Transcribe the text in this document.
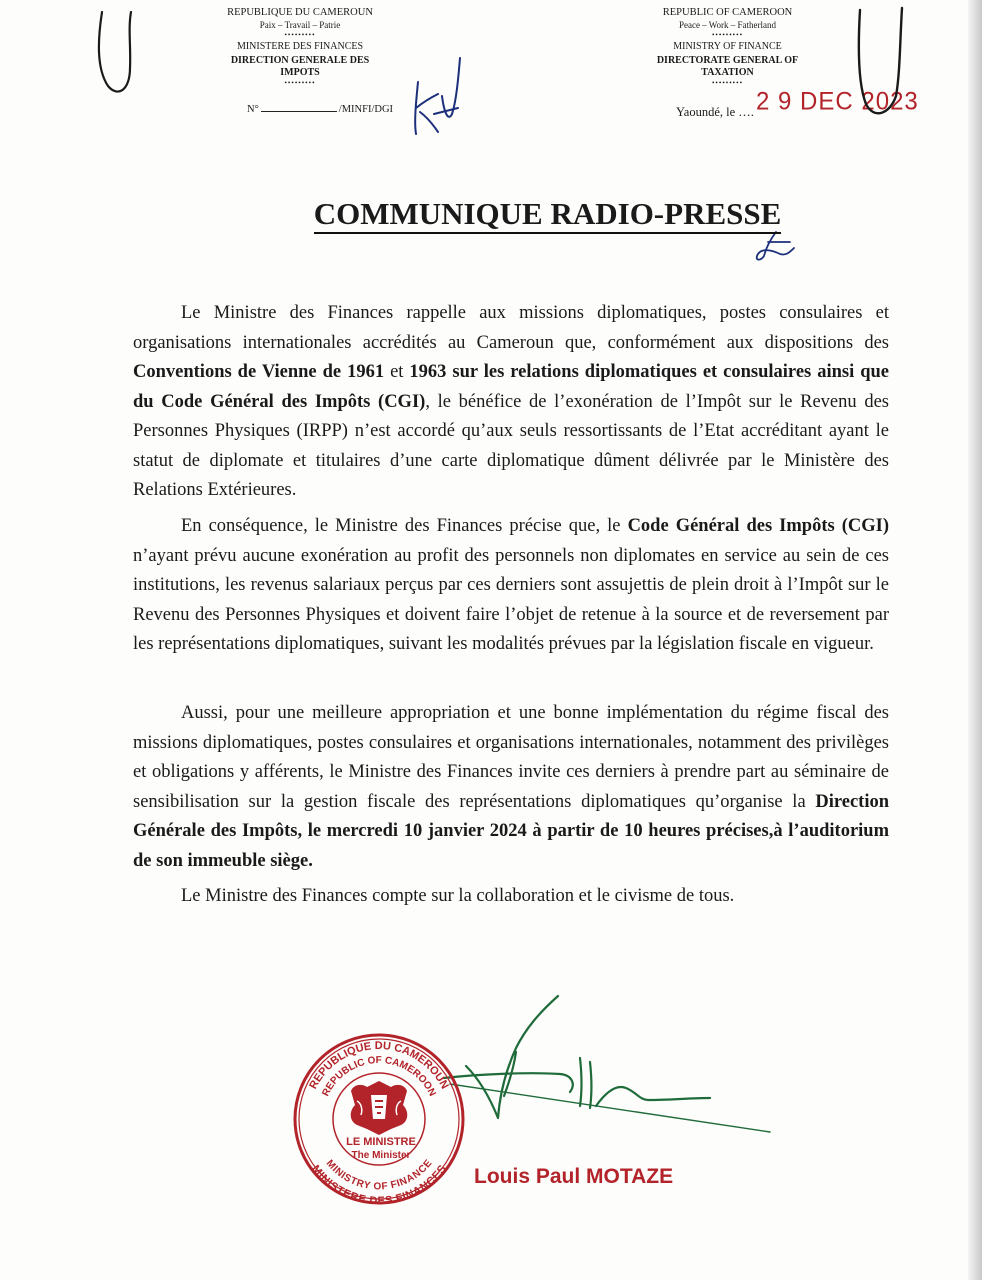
REPUBLIQUE DU CAMEROUN
Paix – Travail – Patrie
•••••••••
MINISTERE DES FINANCES
DIRECTION GENERALE DES IMPOTS
•••••••••
REPUBLIC OF CAMEROON
Peace – Work – Fatherland
•••••••••
MINISTRY OF FINANCE
DIRECTORATE GENERAL OF TAXATION
•••••••••
N°	/MINFI/DGI	Yaoundé, le …. 2 9 DEC 2023
COMMUNIQUE RADIO-PRESSE

Le Ministre des Finances rappelle aux missions diplomatiques, postes consulaires et organisations internationales accrédités au Cameroun que, conformément aux dispositions des Conventions de Vienne de 1961 et 1963 sur les relations diplomatiques et consulaires ainsi que du Code Général des Impôts (CGI), le bénéfice de l’exonération de l’Impôt sur le Revenu des Personnes Physiques (IRPP) n’est accordé qu’aux seuls ressortissants de l’Etat accréditant ayant le statut de diplomate et titulaires d’une carte diplomatique dûment délivrée par le Ministère des Relations Extérieures.

En conséquence, le Ministre des Finances précise que, le Code Général des Impôts (CGI) n’ayant prévu aucune exonération au profit des personnels non diplomates en service au sein de ces institutions, les revenus salariaux perçus par ces derniers sont assujettis de plein droit à l’Impôt sur le Revenu des Personnes Physiques et doivent faire l’objet de retenue à la source et de reversement par les représentations diplomatiques, suivant les modalités prévues par la législation fiscale en vigueur.

Aussi, pour une meilleure appropriation et une bonne implémentation du régime fiscal des missions diplomatiques, postes consulaires et organisations internationales, notamment des privilèges et obligations y afférents, le Ministre des Finances invite ces derniers à prendre part au séminaire de sensibilisation sur la gestion fiscale des représentations diplomatiques qu’organise la Direction Générale des Impôts, le mercredi 10 janvier 2024 à partir de 10 heures précises,à l’auditorium de son immeuble siège.

Le Ministre des Finances compte sur la collaboration et le civisme de tous.

REPUBLIQUE DU CAMEROUN
REPUBLIC OF CAMEROON
MINISTERE DES FINANCES
MINISTRY OF FINANCE
LE MINISTRE
The Minister
Louis Paul MOTAZE
